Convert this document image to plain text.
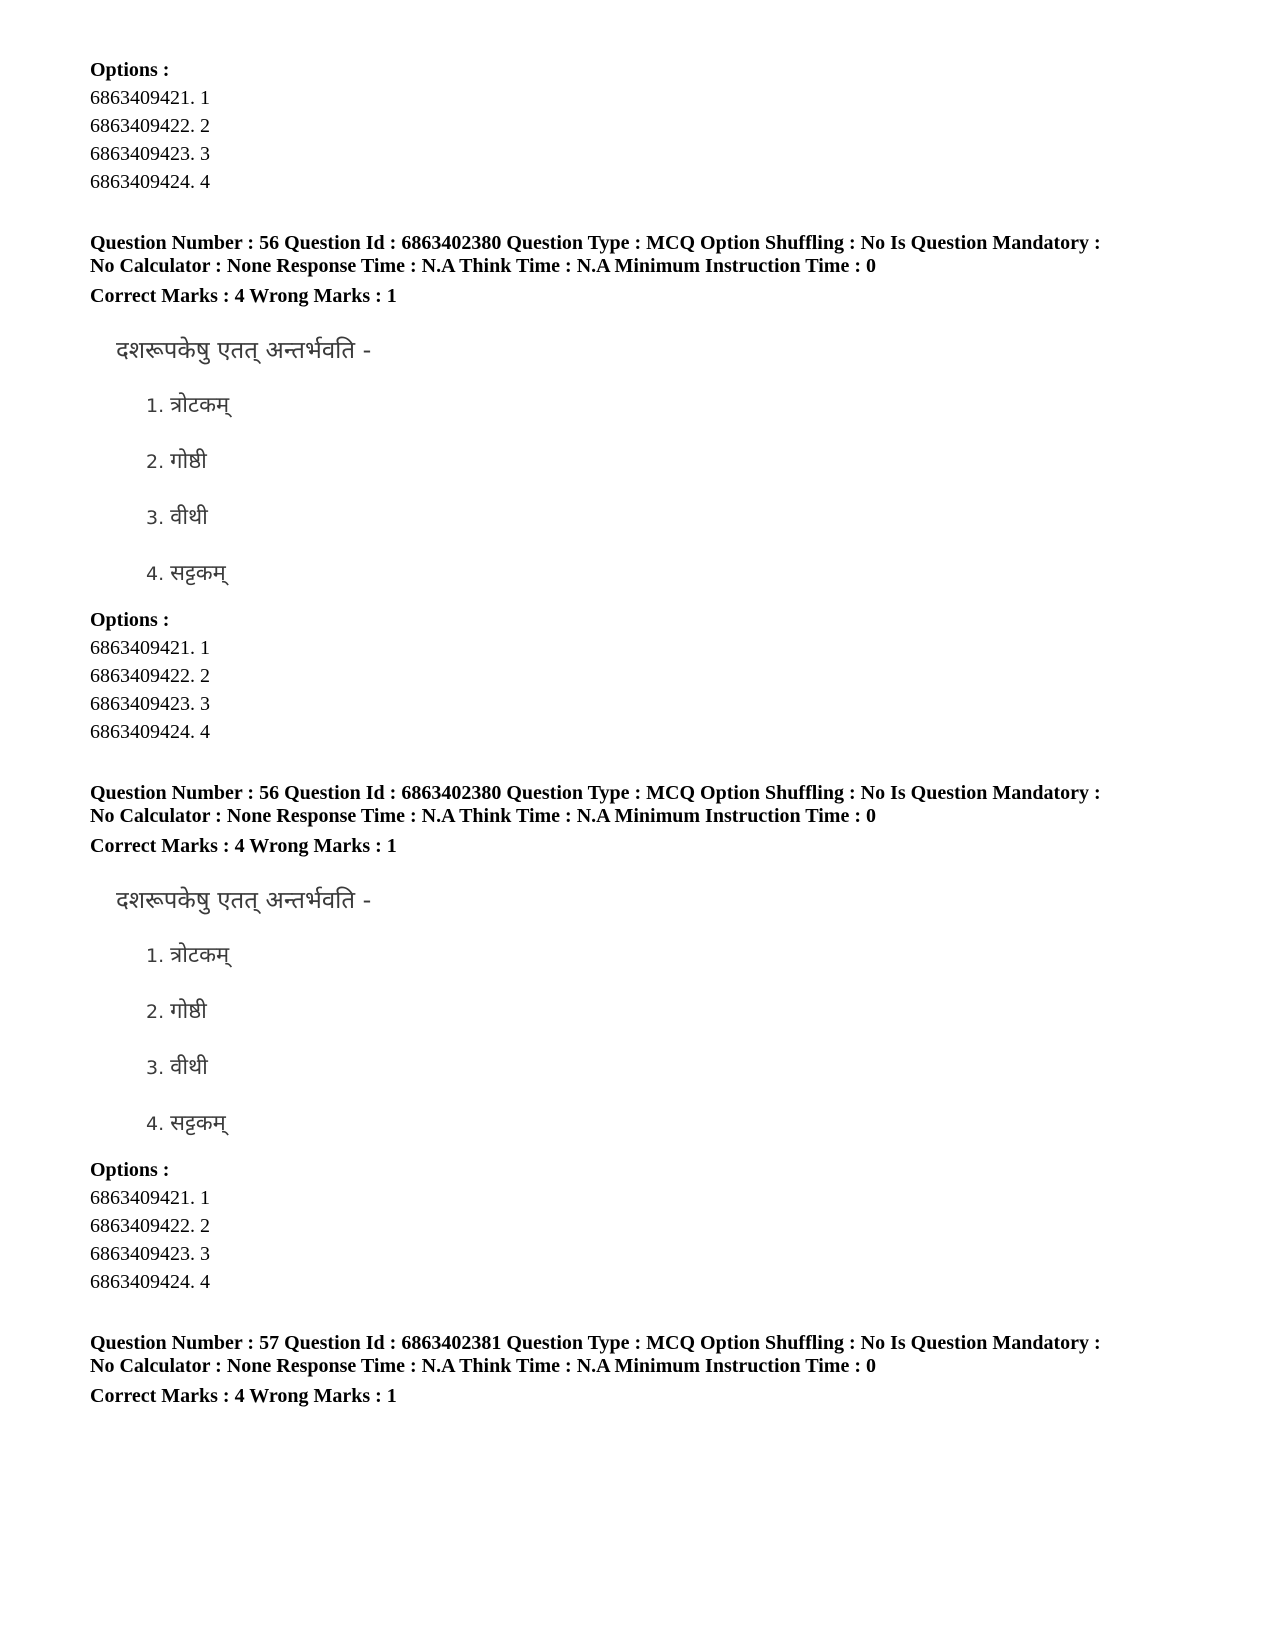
Options :
6863409421. 1
6863409422. 2
6863409423. 3
6863409424. 4
Question Number : 56 Question Id : 6863402380 Question Type : MCQ Option Shuffling : No Is Question Mandatory :
No Calculator : None Response Time : N.A Think Time : N.A Minimum Instruction Time : 0
Correct Marks : 4 Wrong Marks : 1
दशरूपकेषु एतत् अन्तर्भवति -
1. त्रोटकम्
2. गोष्ठी
3. वीथी
4. सट्टकम्
Options :
6863409421. 1
6863409422. 2
6863409423. 3
6863409424. 4
Question Number : 56 Question Id : 6863402380 Question Type : MCQ Option Shuffling : No Is Question Mandatory :
No Calculator : None Response Time : N.A Think Time : N.A Minimum Instruction Time : 0
Correct Marks : 4 Wrong Marks : 1
दशरूपकेषु एतत् अन्तर्भवति -
1. त्रोटकम्
2. गोष्ठी
3. वीथी
4. सट्टकम्
Options :
6863409421. 1
6863409422. 2
6863409423. 3
6863409424. 4
Question Number : 57 Question Id : 6863402381 Question Type : MCQ Option Shuffling : No Is Question Mandatory :
No Calculator : None Response Time : N.A Think Time : N.A Minimum Instruction Time : 0
Correct Marks : 4 Wrong Marks : 1
